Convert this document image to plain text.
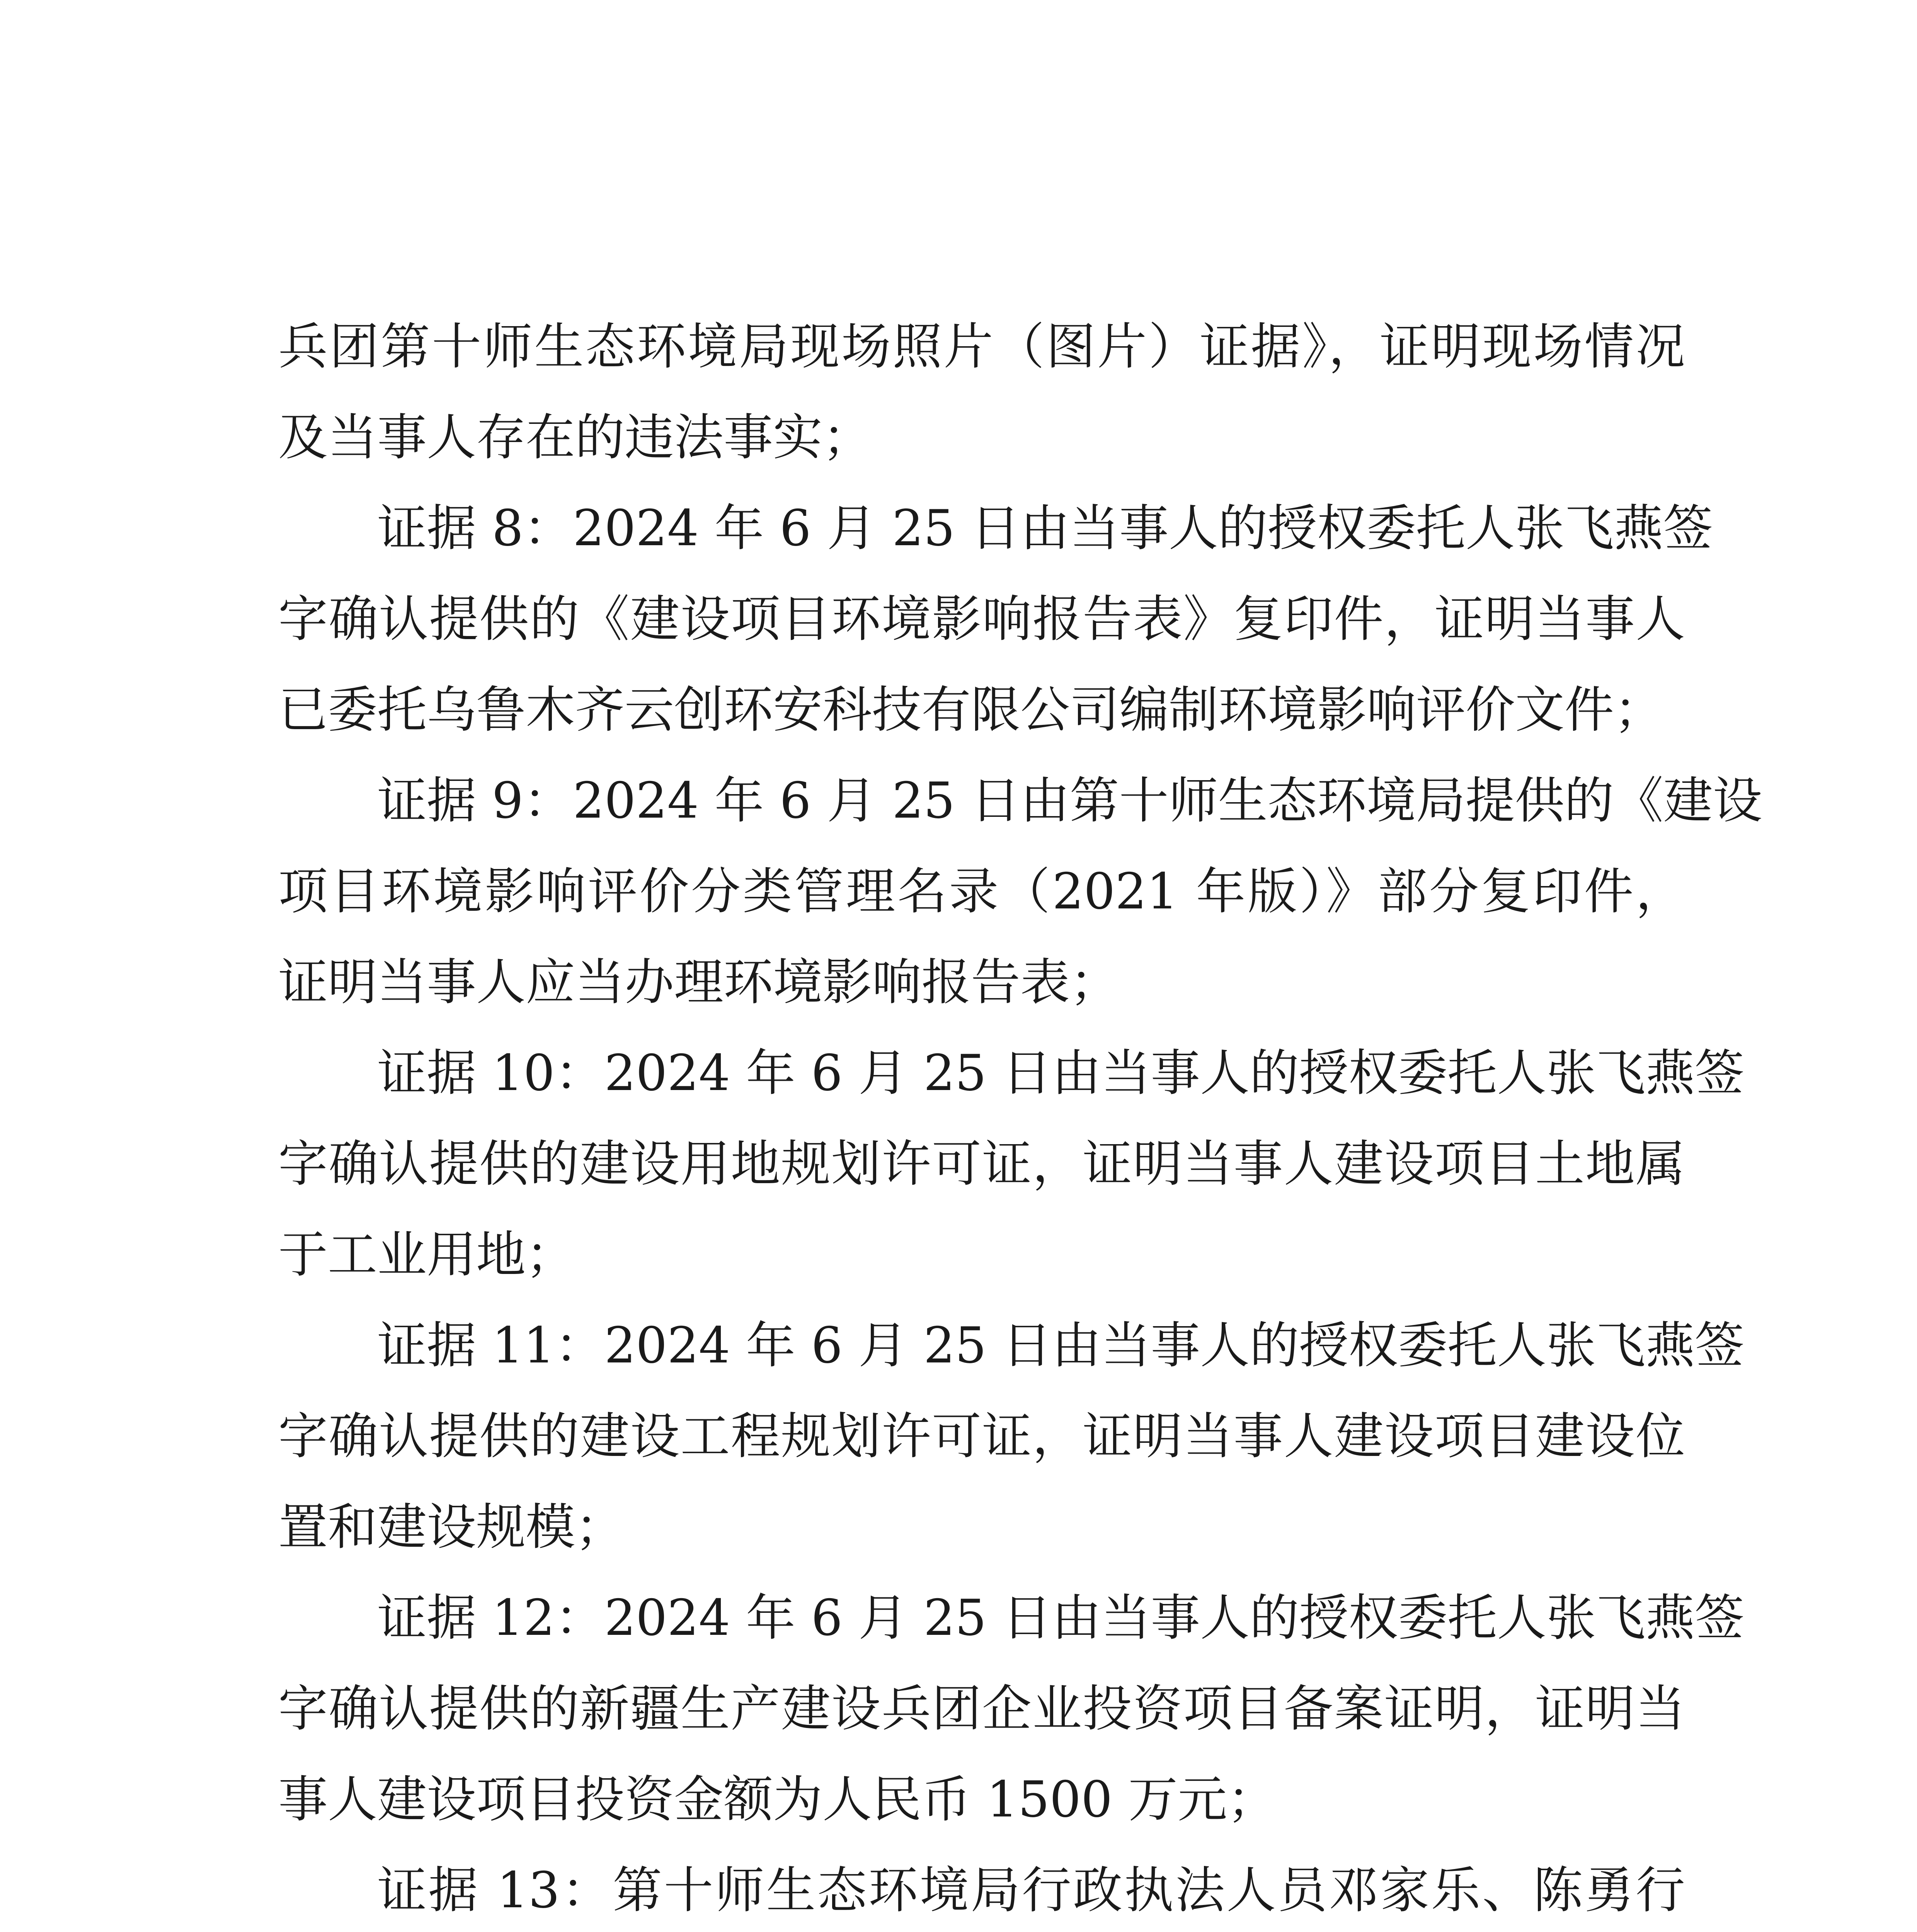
兵团第十师生态环境局现场照片（图片）证据》，证明现场情况
及当事人存在的违法事实；
证据 8：2024 年 6 月 25 日由当事人的授权委托人张飞燕签
字确认提供的《建设项目环境影响报告表》复印件，证明当事人
已委托乌鲁木齐云创环安科技有限公司编制环境影响评价文件；
证据 9：2024 年 6 月 25 日由第十师生态环境局提供的《建设
项目环境影响评价分类管理名录（2021 年版）》部分复印件，
证明当事人应当办理环境影响报告表；
证据 10：2024 年 6 月 25 日由当事人的授权委托人张飞燕签
字确认提供的建设用地规划许可证，证明当事人建设项目土地属
于工业用地；
证据 11：2024 年 6 月 25 日由当事人的授权委托人张飞燕签
字确认提供的建设工程规划许可证，证明当事人建设项目建设位
置和建设规模；
证据 12：2024 年 6 月 25 日由当事人的授权委托人张飞燕签
字确认提供的新疆生产建设兵团企业投资项目备案证明，证明当
事人建设项目投资金额为人民币 1500 万元；
证据 13：第十师生态环境局行政执法人员邓家乐、陈勇行
